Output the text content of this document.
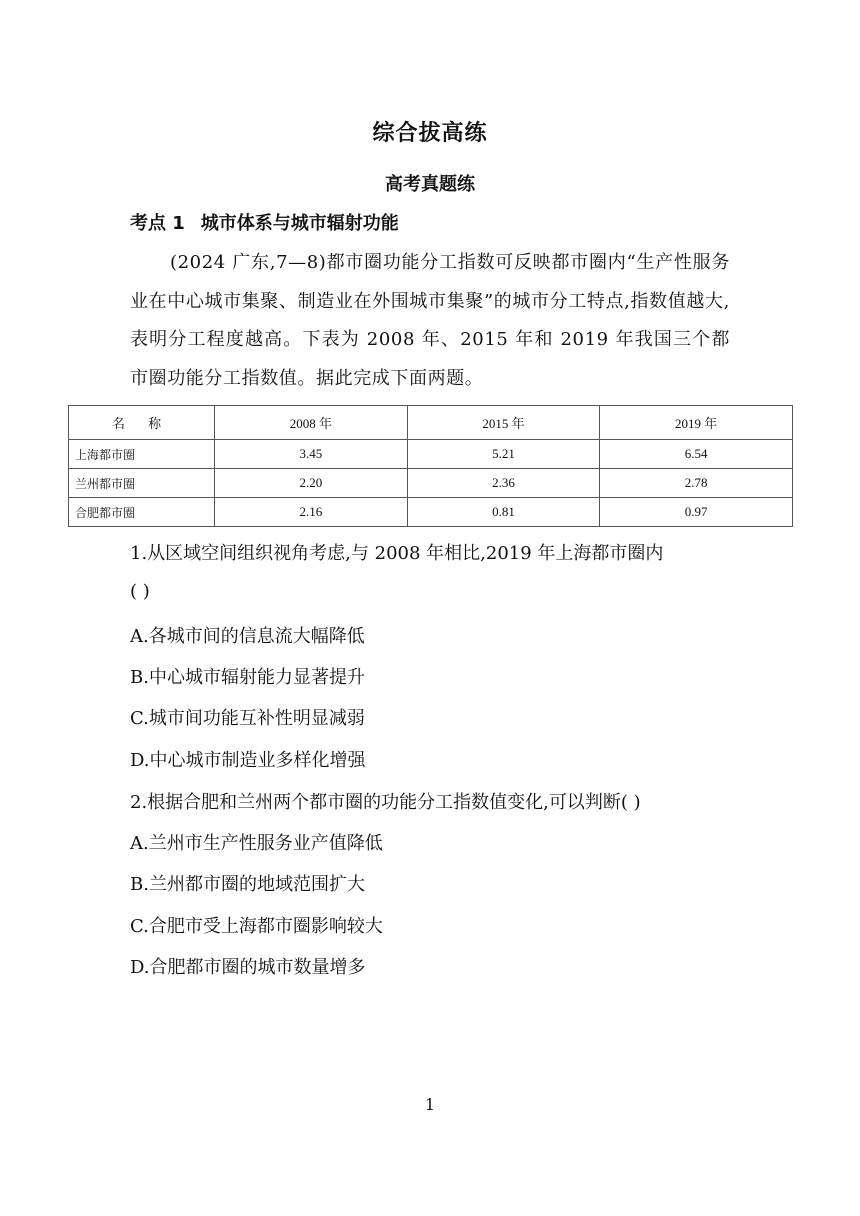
综合拔高练
高考真题练
考点 1 城市体系与城市辐射功能
(2024 广东,7—8)都市圈功能分工指数可反映都市圈内“生产性服务业在中心城市集聚、制造业在外围城市集聚”的城市分工特点,指数值越大,表明分工程度越高。下表为 2008 年、2015 年和 2019 年我国三个都市圈功能分工指数值。据此完成下面两题。
名 称	2008 年	2015 年	2019 年
上海都市圈	3.45	5.21	6.54
兰州都市圈	2.20	2.36	2.78
合肥都市圈	2.16	0.81	0.97
1.从区域空间组织视角考虑,与 2008 年相比,2019 年上海都市圈内
( )
A.各城市间的信息流大幅降低
B.中心城市辐射能力显著提升
C.城市间功能互补性明显减弱
D.中心城市制造业多样化增强
2.根据合肥和兰州两个都市圈的功能分工指数值变化,可以判断( )
A.兰州市生产性服务业产值降低
B.兰州都市圈的地域范围扩大
C.合肥市受上海都市圈影响较大
D.合肥都市圈的城市数量增多
1
